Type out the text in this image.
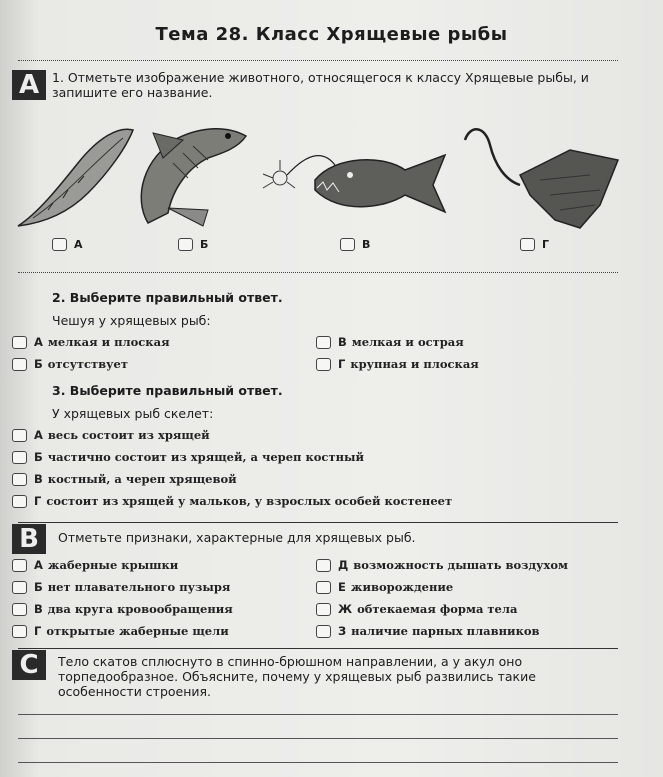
Тема 28. Класс Хрящевые рыбы
А	1. Отметьте изображение животного, относящегося к классу Хрящевые рыбы, и запишите его название.
А	Б	В	Г
2. Выберите правильный ответ.
Чешуя у хрящевых рыб:
А мелкая и плоская	В мелкая и острая
Б отсутствует	Г крупная и плоская
3. Выберите правильный ответ.
У хрящевых рыб скелет:
А весь состоит из хрящей
Б частично состоит из хрящей, а череп костный
В костный, а череп хрящевой
Г состоит из хрящей у мальков, у взрослых особей костенеет
В	Отметьте признаки, характерные для хрящевых рыб.
А жаберные крышки	Д возможность дышать воздухом
Б нет плавательного пузыря	Е живорождение
В два круга кровообращения	Ж обтекаемая форма тела
Г открытые жаберные щели	З наличие парных плавников
С	Тело скатов сплюснуто в спинно-брюшном направлении, а у акул оно торпедообразное. Объясните, почему у хрящевых рыб развились такие особенности строения.
